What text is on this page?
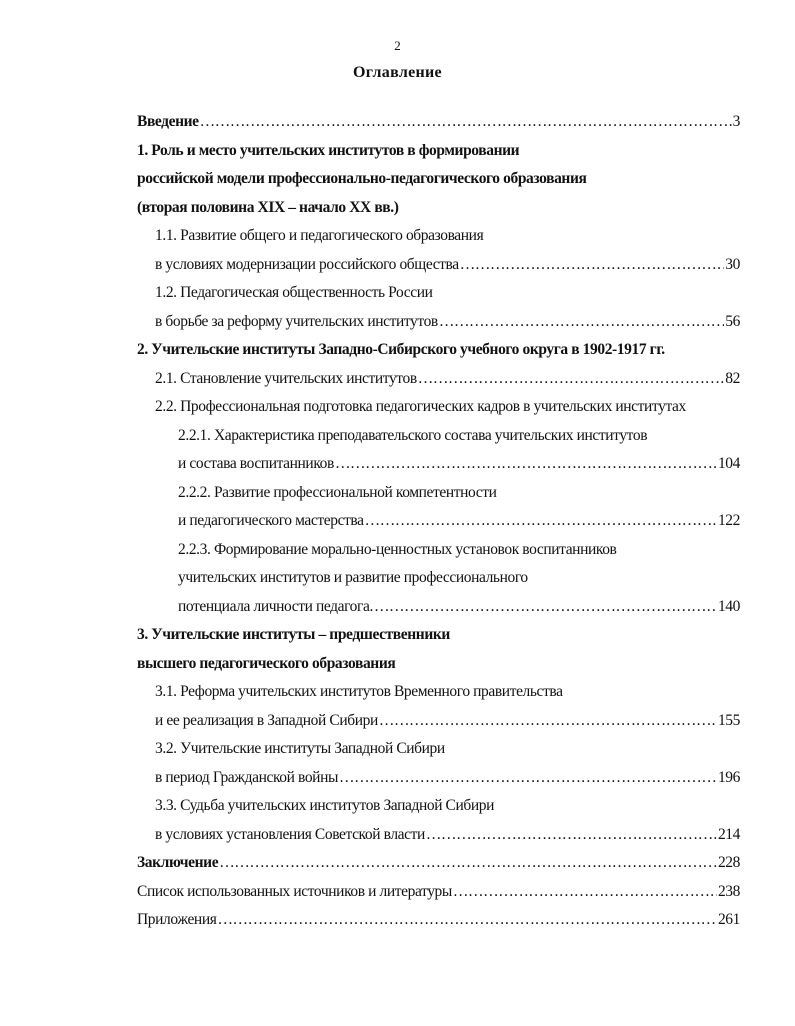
2
Оглавление
Введение …………………………………………………………………………………………………………………………………………	3
1. Роль и место учительских институтов в формировании
российской модели профессионально-педагогического образования
(вторая половина XIX – начало XX вв.)
1.1. Развитие общего и педагогического образования
в условиях модернизации российского общества …………………………………………………………………………………………………………………………………………	30
1.2. Педагогическая общественность России
в борьбе за реформу учительских институтов …………………………………………………………………………………………………………………………………………	56
2. Учительские институты Западно-Сибирского учебного округа в 1902-1917 гг.
2.1. Становление учительских институтов …………………………………………………………………………………………………………………………………………	82
2.2. Профессиональная подготовка педагогических кадров в учительских институтах
2.2.1. Характеристика преподавательского состава учительских институтов
и состава воспитанников …………………………………………………………………………………………………………………………………………	104
2.2.2. Развитие профессиональной компетентности
и педагогического мастерства …………………………………………………………………………………………………………………………………………	122
2.2.3. Формирование морально-ценностных установок воспитанников
учительских институтов и развитие профессионального
потенциала личности педагога. …………………………………………………………………………………………………………………………………………	140
3. Учительские институты – предшественники
высшего педагогического образования
3.1. Реформа учительских институтов Временного правительства
и ее реализация в Западной Сибири …………………………………………………………………………………………………………………………………………	155
3.2. Учительские институты Западной Сибири
в период Гражданской войны …………………………………………………………………………………………………………………………………………	196
3.3. Судьба учительских институтов Западной Сибири
в условиях установления Советской власти …………………………………………………………………………………………………………………………………………	214
Заключение …………………………………………………………………………………………………………………………………………	228
Список использованных источников и литературы …………………………………………………………………………………………………………………………………………	238
Приложения …………………………………………………………………………………………………………………………………………	261
